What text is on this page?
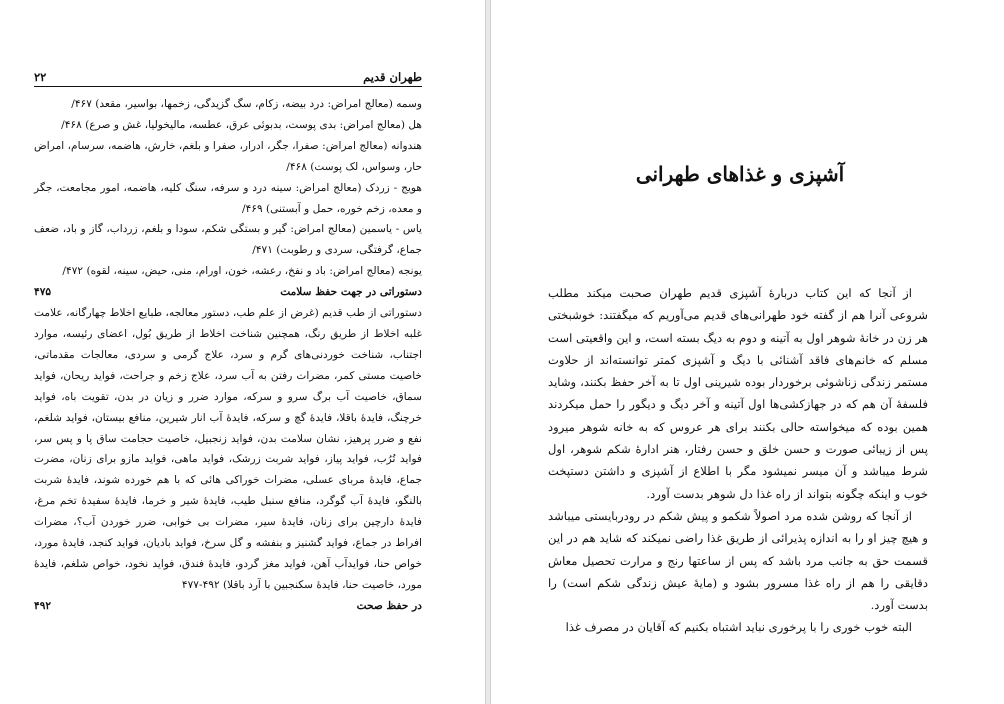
طهران قدیم
۲۲

وسمه (معالج امراض: درد بیضه، زکام، سگ گزیدگی، زخمها، بواسیر، مقعد) ۴۶۷/

هل (معالج امراض: بدی پوست، بدبوئی عرق، عطسه، مالیخولیا، غش و صرع) ۴۶۸/

هندوانه (معالج امراض: صفرا، جگر، ادرار، صفرا و بلغم، خارش، هاضمه، سرسام، امراض حار، وسواس، لک پوست) ۴۶۸/

هویج - زردک (معالج امراض: سینه درد و سرفه، سنگ کلیه، هاضمه، امور مجامعت، جگر و معده، زخم خوره، حمل و آبستنی) ۴۶۹/

یاس - یاسمین (معالج امراض: گیر و بستگی شکم، سودا و بلغم، زرداب، گاز و باد، ضعف جماع، گرفتگی، سردی و رطوبت) ۴۷۱/

یونجه (معالج امراض: باد و نفخ، رعشه، خون، اورام، منی، حیض، سینه، لقوه) ۴۷۲/

دستوراتی در جهت حفظ سلامت
۴۷۵

دستوراتی از طب قدیم (غرض از علم طب، دستور معالجه، طبایع اخلاط چهارگانه، علامت غلبه اخلاط از طریق رنگ، همچنین شناخت اخلاط از طریق بُول، اعضای رئیسه، موارد اجتناب، شناخت خوردنی‌های گرم و سرد، علاج گرمی و سردی، معالجات مقدماتی، خاصیت مستی کمر، مضرات رفتن به آب سرد، علاج زخم و جراحت، فواید ریحان، فواید سماق، خاصیت آب برگ سرو و سرکه، موارد ضرر و زیان در بدن، تقویت باه، فواید خرچنگ، فایدهٔ باقلا، فایدهٔ گچ و سرکه، فایدهٔ آب انار شیرین، منافع بیستان، فواید شلغم، نفع و ضرر پرهیز، نشان سلامت بدن، فواید زنجبیل، خاصیت حجامت ساق پا و پس سر، فواید تُرُب، فواید پیاز، فواید شربت زرشک، فواید ماهی، فواید مازو برای زنان، مضرت جماع، فایدهٔ مربای عسلی، مضرات خوراکی هائی که با هم خورده شوند، فایدهٔ شربت بالنگو، فایدهٔ آب گوگرد، منافع سنبل طیب، فایدهٔ شیر و خرما، فایدهٔ سفیدهٔ تخم مرغ، فایدهٔ دارچین برای زنان، فایدهٔ سیر، مضرات بی خوابی، ضرر خوردن آب؟، مضرات افراط در جماع، فواید گشنیز و بنفشه و گل سرخ، فواید بادیان، فواید کنجد، فایدهٔ مورد، خواص حنا، فوایدآب آهن، فواید مغز گردو، فایدهٔ فندق، فواید نخود، خواص شلغم، فایدهٔ مورد، خاصیت حنا، فایدهٔ سکنجبین با آرد باقلا) ۴۹۲-۴۷۷

در حفظ صحت
۴۹۲
آشپزی و غذاهای طهرانی

از آنجا که این کتاب دربارهٔ آشپزی قدیم طهران صحبت میکند مطلب شروعی آنرا هم از گفته خود طهرانی‌های قدیم می‌آوریم که میگفتند: خوشبختی هر زن در خانهٔ شوهر اول به آتینه و دوم به دیگ بسته است، و این واقعیتی است مسلم که خانم‌های فاقد آشنائی با دیگ و آشپزی کمتر توانسته‌اند از حلاوت مستمر زندگی زناشوئی برخوردار بوده شیرینی اول تا به آخر حفظ بکنند، وشاید فلسفهٔ آن هم که در جهازکشی‌ها اول آتینه و آخر دیگ و دیگور را حمل میکردند همین بوده که میخواسته حالی بکنند برای هر عروس که به خانه شوهر میرود پس از زیبائی صورت و حسن خلق و حسن رفتار، هنر ادارهٔ شکم شوهر، اول شرط میباشد و آن میسر نمیشود مگر با اطلاع از آشپزی و داشتن دستپخت خوب و اینکه چگونه بتواند از راه غذا دل شوهر بدست آورد.

از آنجا که روشن شده مرد اصولاً شکمو و پیش شکم در رودربایستی میباشد و هیچ چیز او را به اندازه پذیرائی از طریق غذا راضی نمیکند که شاید هم در این قسمت حق به جانب مرد باشد که پس از ساعتها رنج و مرارت تحصیل معاش دقایقی را هم از راه غذا مسرور بشود و (مایهٔ عیش زندگی شکم است) را بدست آورد.

البته خوب خوری را با پرخوری نباید اشتباه بکنیم که آقایان در مصرف غذا
